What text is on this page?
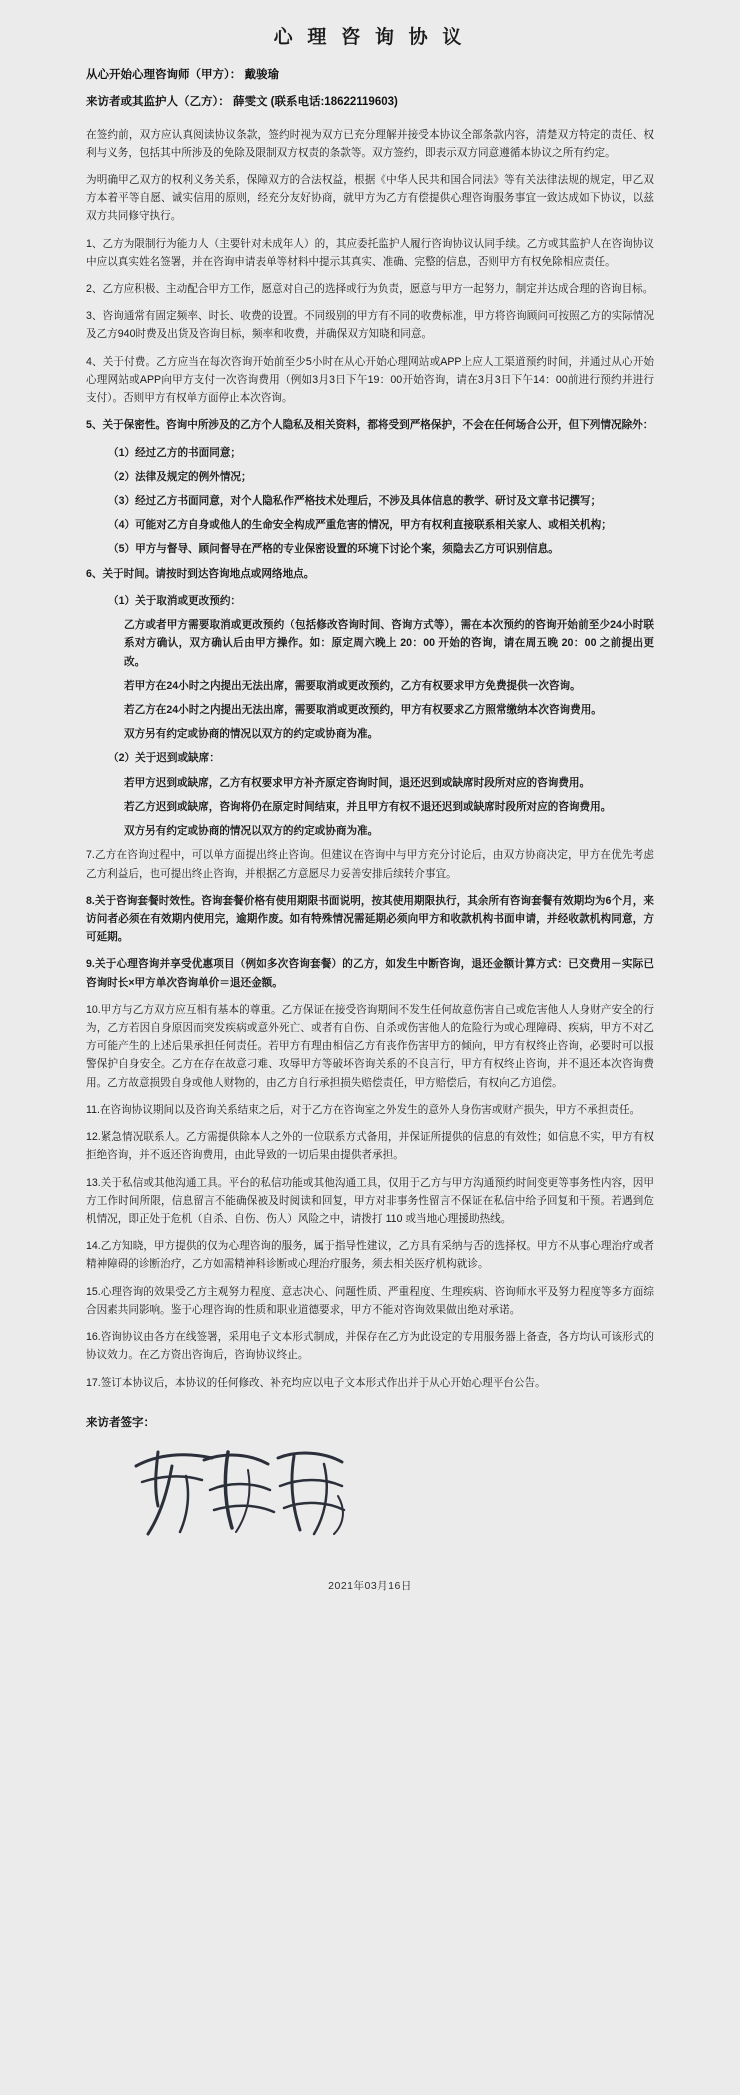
心 理 咨 询 协 议
从心开始心理咨询师（甲方）： 戴骏瑜
来访者或其监护人（乙方）： 薛雯文 (联系电话:18622119603)

在签约前，双方应认真阅读协议条款，签约时视为双方已充分理解并接受本协议全部条款内容，清楚双方特定的责任、权利与义务，包括其中所涉及的免除及限制双方权责的条款等。双方签约，即表示双方同意遵循本协议之所有约定。

为明确甲乙双方的权利义务关系，保障双方的合法权益，根据《中华人民共和国合同法》等有关法律法规的规定，甲乙双方本着平等自愿、诚实信用的原则，经充分友好协商，就甲方为乙方有偿提供心理咨询服务事宜一致达成如下协议，以兹双方共同修守执行。

1、乙方为限制行为能力人（主要针对未成年人）的，其应委托监护人履行咨询协议认同手续。乙方或其监护人在咨询协议中应以真实姓名签署，并在咨询申请表单等材料中提示其真实、准确、完整的信息，否则甲方有权免除相应责任。

2、乙方应积极、主动配合甲方工作，愿意对自己的选择或行为负责，愿意与甲方一起努力，制定并达成合理的咨询目标。

3、咨询通常有固定频率、时长、收费的设置。不同级别的甲方有不同的收费标准，甲方将咨询顾问可按照乙方的实际情况及乙方940时费及出货及咨询目标，频率和收费，并确保双方知晓和同意。

4、关于付费。乙方应当在每次咨询开始前至少5小时在从心开始心理网站或APP上应人工渠道预约时间，并通过从心开始心理网站或APP向甲方支付一次咨询费用（例如3月3日下午19：00开始咨询，请在3月3日下午14：00前进行预约并进行支付）。否则甲方有权单方面停止本次咨询。

5、关于保密性。咨询中所涉及的乙方个人隐私及相关资料，都将受到严格保护，不会在任何场合公开，但下列情况除外：

（1）经过乙方的书面同意；

（2）法律及规定的例外情况；

（3）经过乙方书面同意，对个人隐私作严格技术处理后，不涉及具体信息的教学、研讨及文章书记撰写；

（4）可能对乙方自身或他人的生命安全构成严重危害的情况，甲方有权利直接联系相关家人、或相关机构；

（5）甲方与督导、顾问督导在严格的专业保密设置的环境下讨论个案，须隐去乙方可识别信息。

6、关于时间。请按时到达咨询地点或网络地点。

（1）关于取消或更改预约：

乙方或者甲方需要取消或更改预约（包括修改咨询时间、咨询方式等），需在本次预约的咨询开始前至少24小时联系对方确认，双方确认后由甲方操作。如：原定周六晚上 20：00 开始的咨询，请在周五晚 20：00 之前提出更改。

若甲方在24小时之内提出无法出席，需要取消或更改预约，乙方有权要求甲方免费提供一次咨询。

若乙方在24小时之内提出无法出席，需要取消或更改预约，甲方有权要求乙方照常缴纳本次咨询费用。

双方另有约定或协商的情况以双方的约定或协商为准。

（2）关于迟到或缺席：

若甲方迟到或缺席，乙方有权要求甲方补齐原定咨询时间，退还迟到或缺席时段所对应的咨询费用。

若乙方迟到或缺席，咨询将仍在原定时间结束，并且甲方有权不退还迟到或缺席时段所对应的咨询费用。

双方另有约定或协商的情况以双方的约定或协商为准。

7.乙方在咨询过程中，可以单方面提出终止咨询。但建议在咨询中与甲方充分讨论后，由双方协商决定，甲方在优先考虑乙方利益后，也可提出终止咨询，并根据乙方意愿尽力妥善安排后续转介事宜。

8.关于咨询套餐时效性。咨询套餐价格有使用期限书面说明，按其使用期限执行，其余所有咨询套餐有效期均为6个月，来访问者必须在有效期内使用完，逾期作废。如有特殊情况需延期必须向甲方和收款机构书面申请，并经收款机构同意，方可延期。

9.关于心理咨询并享受优惠项目（例如多次咨询套餐）的乙方，如发生中断咨询，退还金额计算方式：已交费用－实际已咨询时长×甲方单次咨询单价＝退还金额。

10.甲方与乙方双方应互相有基本的尊重。乙方保证在接受咨询期间不发生任何故意伤害自己或危害他人人身财产安全的行为，乙方若因自身原因而突发疾病或意外死亡、或者有自伤、自杀或伤害他人的危险行为或心理障碍、疾病，甲方不对乙方可能产生的上述后果承担任何责任。若甲方有理由相信乙方有丧作伤害甲方的倾向，甲方有权终止咨询，必要时可以报警保护自身安全。乙方在存在故意刁难、攻辱甲方等破坏咨询关系的不良言行，甲方有权终止咨询，并不退还本次咨询费用。乙方故意损毁自身或他人财物的，由乙方自行承担损失赔偿责任，甲方赔偿后，有权向乙方追偿。

11.在咨询协议期间以及咨询关系结束之后，对于乙方在咨询室之外发生的意外人身伤害或财产损失，甲方不承担责任。

12.紧急情况联系人。乙方需提供除本人之外的一位联系方式备用，并保证所提供的信息的有效性；如信息不实，甲方有权拒绝咨询，并不返还咨询费用，由此导致的一切后果由提供者承担。

13.关于私信或其他沟通工具。平台的私信功能或其他沟通工具，仅用于乙方与甲方沟通预约时间变更等事务性内容，因甲方工作时间所限，信息留言不能确保被及时阅读和回复，甲方对非事务性留言不保证在私信中给予回复和干预。若遇到危机情况，即正处于危机（自杀、自伤、伤人）风险之中，请拨打 110 或当地心理援助热线。

14.乙方知晓，甲方提供的仅为心理咨询的服务，属于指导性建议，乙方具有采纳与否的选择权。甲方不从事心理治疗或者精神障碍的诊断治疗，乙方如需精神科诊断或心理治疗服务，须去相关医疗机构就诊。

15.心理咨询的效果受乙方主观努力程度、意志决心、问题性质、严重程度、生理疾病、咨询师水平及努力程度等多方面综合因素共同影响。鉴于心理咨询的性质和职业道德要求，甲方不能对咨询效果做出绝对承诺。

16.咨询协议由各方在线签署，采用电子文本形式制成，并保存在乙方为此设定的专用服务器上备查，各方均认可该形式的协议效力。在乙方资出咨询后，咨询协议终止。

17.签订本协议后，本协议的任何修改、补充均应以电子文本形式作出并于从心开始心理平台公告。

来访者签字：
2021年03月16日
